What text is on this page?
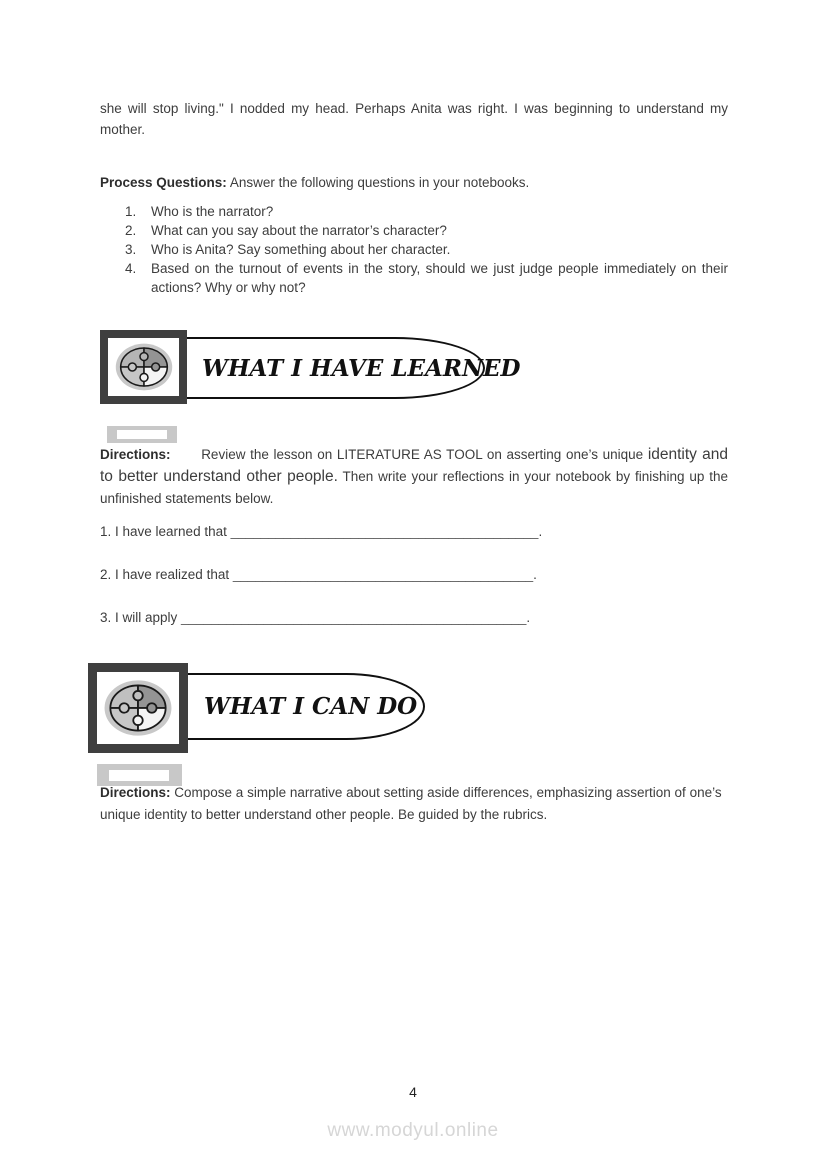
she will stop living." I nodded my head. Perhaps Anita was right. I was beginning to understand my mother.
Process Questions: Answer the following questions in your notebooks.
1.	Who is the narrator?
2.	What can you say about the narrator’s character?
3.	Who is Anita? Say something about her character.
4.	Based on the turnout of events in the story, should we just judge people immediately on their actions? Why or why not?
WHAT I HAVE LEARNED
Directions: Review the lesson on LITERATURE AS TOOL on asserting one’s unique identity and to better understand other people. Then write your reflections in your notebook by finishing up the unfinished statements below.
1. I have learned that _________________________________________.
2. I have realized that ________________________________________.
3. I will apply ______________________________________________.
WHAT I CAN DO
Directions: Compose a simple narrative about setting aside differences, emphasizing assertion of one’s unique identity to better understand other people. Be guided by the rubrics.
4
www.modyul.online
